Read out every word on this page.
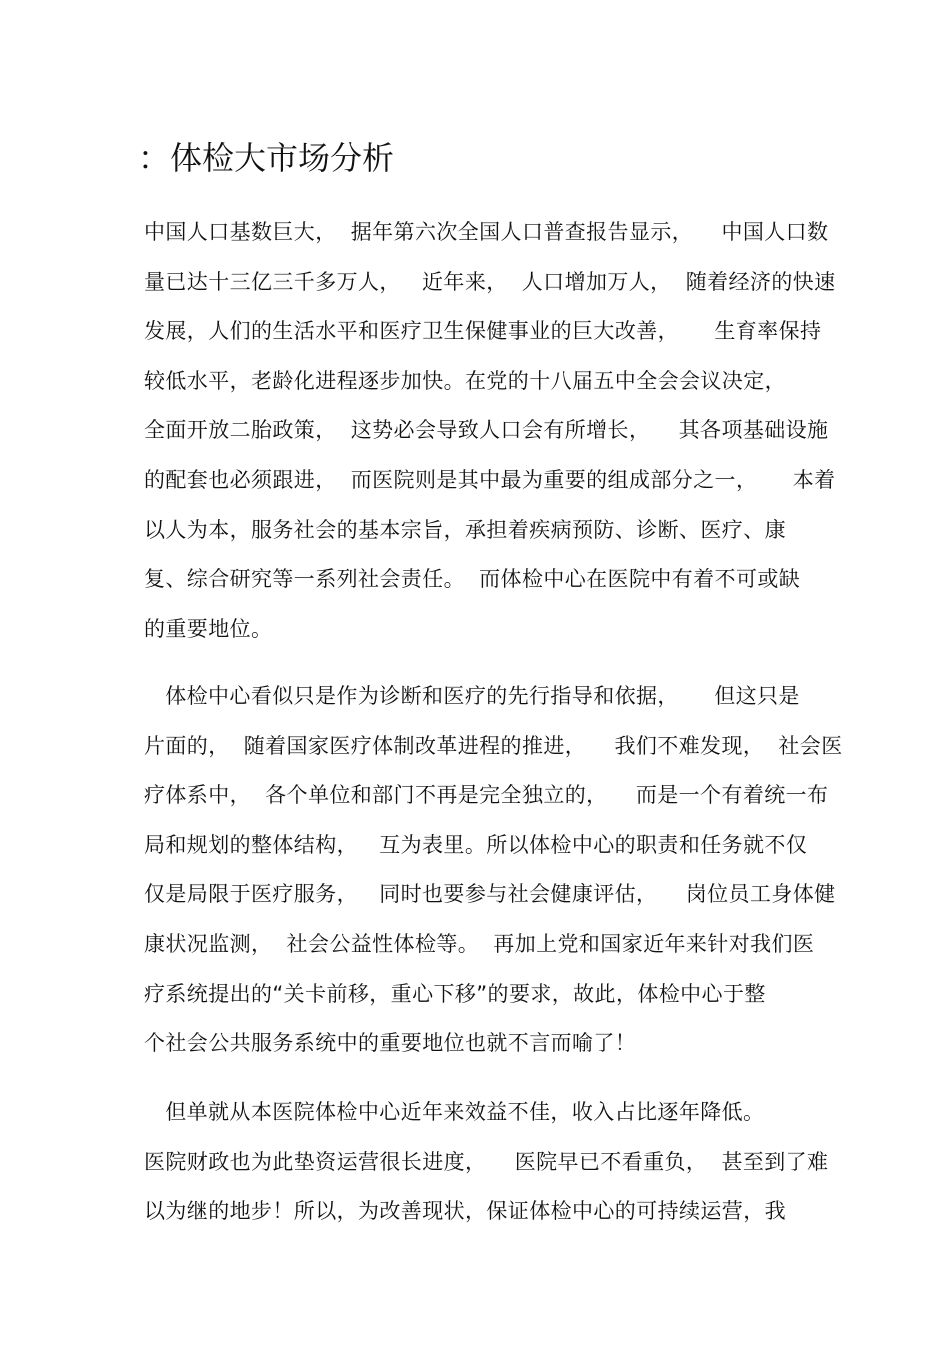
：体检大市场分析
中国人口基数巨大，  据年第六次全国人口普查报告显示，    中国人口数
量已达十三亿三千多万人，   近年来，  人口增加万人，  随着经济的快速
发展，人们的生活水平和医疗卫生保健事业的巨大改善，     生育率保持
较低水平，老龄化进程逐步加快。在党的十八届五中全会会议决定，
全面开放二胎政策，  这势必会导致人口会有所增长，    其各项基础设施
的配套也必须跟进，  而医院则是其中最为重要的组成部分之一，     本着
以人为本，服务社会的基本宗旨，承担着疾病预防、诊断、医疗、康
复、综合研究等一系列社会责任。  而体检中心在医院中有着不可或缺
的重要地位。
体检中心看似只是作为诊断和医疗的先行指导和依据，     但这只是
片面的，  随着国家医疗体制改革进程的推进，    我们不难发现，  社会医
疗体系中，  各个单位和部门不再是完全独立的，    而是一个有着统一布
局和规划的整体结构，   互为表里。所以体检中心的职责和任务就不仅
仅是局限于医疗服务，   同时也要参与社会健康评估，    岗位员工身体健
康状况监测，  社会公益性体检等。  再加上党和国家近年来针对我们医
疗系统提出的“关卡前移，重心下移”的要求，故此，体检中心于整
个社会公共服务系统中的重要地位也就不言而喻了！
但单就从本医院体检中心近年来效益不佳，收入占比逐年降低。
医院财政也为此垫资运营很长进度，    医院早已不看重负，  甚至到了难
以为继的地步！所以，为改善现状，保证体检中心的可持续运营，我
